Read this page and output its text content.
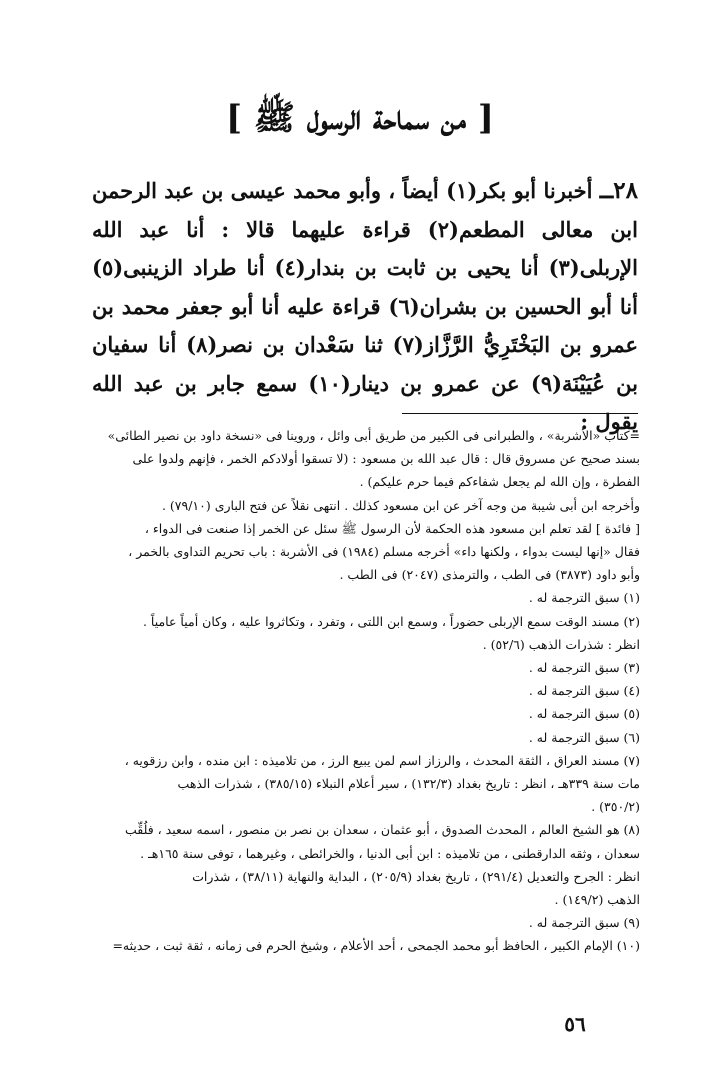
[ من سماحة الرسول ﷺ ]
٢٨ــ أخبرنا أبو بكر(١) أيضاً ، وأبو محمد عيسى بن عبد الرحمن ابن معالى المطعم(٢) قراءة عليهما قالا : أنا عبد الله الإربلى(٣) أنا يحيى بن ثابت بن بندار(٤) أنا طراد الزينبى(٥) أنا أبو الحسين بن بشران(٦) قراءة عليه أنا أبو جعفر محمد بن عمرو بن البَخْتَرِيُّ الرَّزَّاز(٧) ثنا سَعْدان بن نصر(٨) أنا سفيان بن عُيَيْنَة(٩) عن عمرو بن دينار(١٠) سمع جابر بن عبد الله يقول :

=كتاب «الأشربة» ، والطبرانى فى الكبير من طريق أبى وائل ، وروينا فى «نسخة داود بن نصير الطائى»

بسند صحيح عن مسروق قال : قال عبد الله بن مسعود : (لا تسقوا أولادكم الخمر ، فإنهم ولدوا على

الفطرة ، وإن الله لم يجعل شفاءكم فيما حرم عليكم) .

وأخرجه ابن أبى شيبة من وجه آخر عن ابن مسعود كذلك . انتهى نقلاً عن فتح البارى (٧٩/١٠) .

[ فائدة ] لقد تعلم ابن مسعود هذه الحكمة لأن الرسول ﷺ سئل عن الخمر إذا صنعت فى الدواء ،

فقال «إنها ليست بدواء ، ولكنها داء» أخرجه مسلم (١٩٨٤) فى الأشربة : باب تحريم التداوى بالخمر ،

وأبو داود (٣٨٧٣) فى الطب ، والترمذى (٢٠٤٧) فى الطب .

(١) سبق الترجمة له .

(٢) مسند الوقت سمع الإربلى حضوراً ، وسمع ابن اللتى ، وتفرد ، وتكاثروا عليه ، وكان أمياً عامياً .

انظر : شذرات الذهب (٥٢/٦) .

(٣) سبق الترجمة له .

(٤) سبق الترجمة له .

(٥) سبق الترجمة له .

(٦) سبق الترجمة له .

(٧) مسند العراق ، الثقة المحدث ، والرزاز اسم لمن يبيع الرز ، من تلاميذه : ابن منده ، وابن رزقويه ،

مات سنة ٣٣٩هـ ، انظر : تاريخ بغداد (١٣٢/٣) ، سير أعلام النبلاء (٣٨٥/١٥) ، شذرات الذهب

(٣٥٠/٢) .

(٨) هو الشيخ العالم ، المحدث الصدوق ، أبو عثمان ، سعدان بن نصر بن منصور ، اسمه سعيد ، فلُقِّب

سعدان ، وثقه الدارقطنى ، من تلاميذه : ابن أبى الدنيا ، والخرائطى ، وغيرهما ، توفى سنة ١٦٥هـ .

انظر : الجرح والتعديل (٢٩١/٤) ، تاريخ بغداد (٢٠٥/٩) ، البداية والنهاية (٣٨/١١) ، شذرات

الذهب (١٤٩/٢) .

(٩) سبق الترجمة له .

(١٠) الإمام الكبير ، الحافظ أبو محمد الجمحى ، أحد الأعلام ، وشيخ الحرم فى زمانه ، ثقة ثبت ، حديثه=

٥٦
